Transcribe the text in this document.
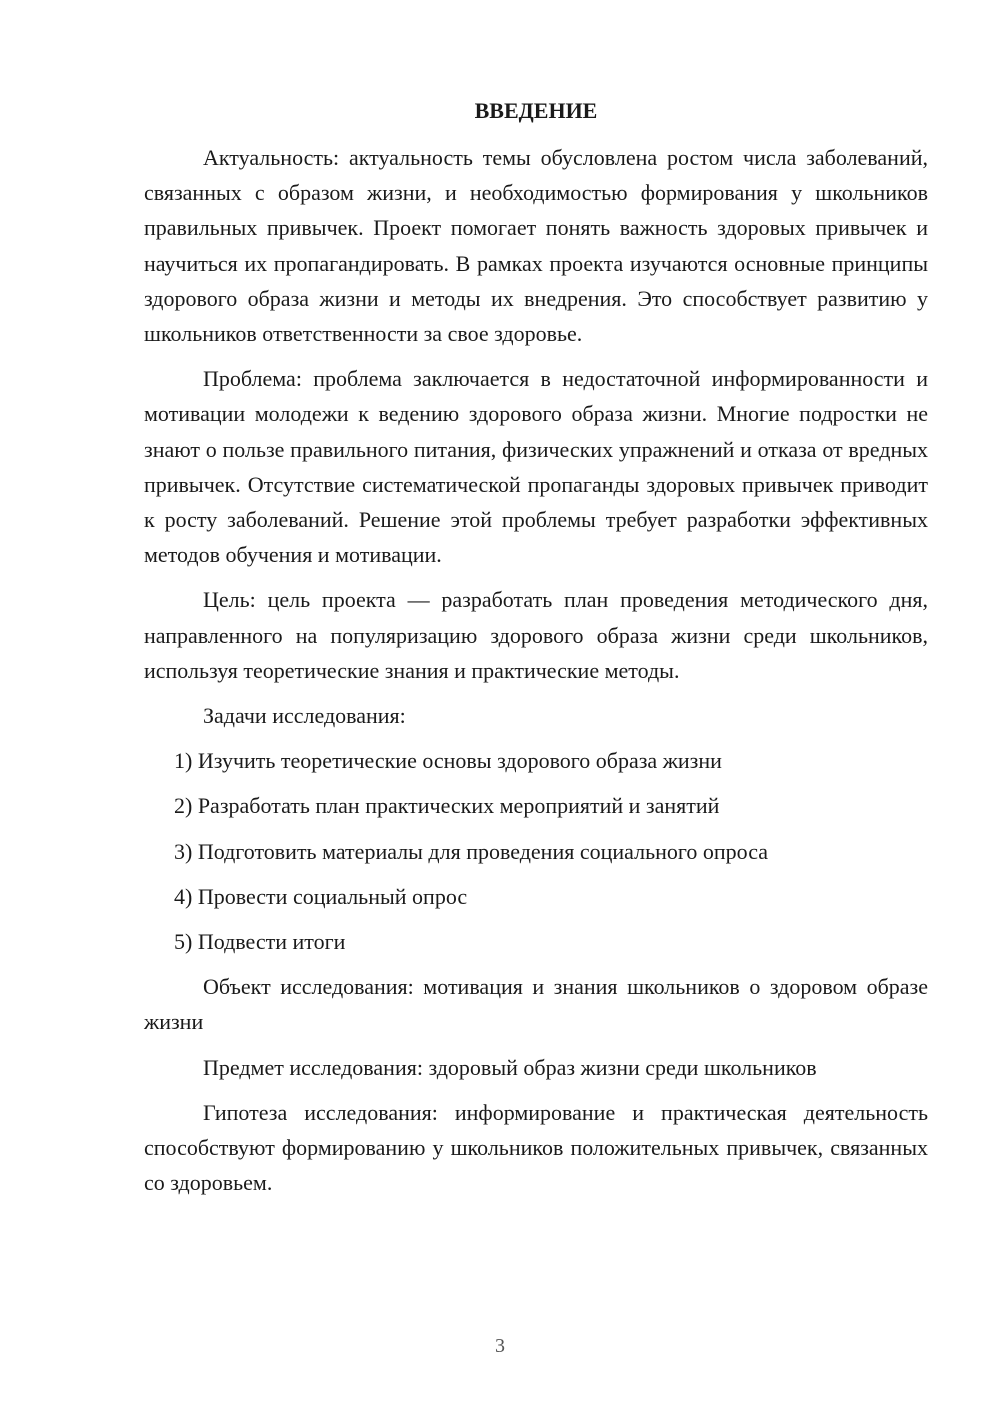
ВВЕДЕНИЕ

Актуальность: актуальность темы обусловлена ростом числа заболеваний, связанных с образом жизни, и необходимостью формирования у школьников правильных привычек. Проект помогает понять важность здоровых привычек и научиться их пропагандировать. В рамках проекта изучаются основные принципы здорового образа жизни и методы их внедрения. Это способствует развитию у школьников ответственности за свое здоровье.

Проблема: проблема заключается в недостаточной информированности и мотивации молодежи к ведению здорового образа жизни. Многие подростки не знают о пользе правильного питания, физических упражнений и отказа от вредных привычек. Отсутствие систематической пропаганды здоровых привычек приводит к росту заболеваний. Решение этой проблемы требует разработки эффективных методов обучения и мотивации.

Цель: цель проекта — разработать план проведения методического дня, направленного на популяризацию здорового образа жизни среди школьников, используя теоретические знания и практические методы.

Задачи исследования:

1) Изучить теоретические основы здорового образа жизни
2) Разработать план практических мероприятий и занятий
3) Подготовить материалы для проведения социального опроса
4) Провести социальный опрос
5) Подвести итоги

Объект исследования: мотивация и знания школьников о здоровом образе жизни

Предмет исследования: здоровый образ жизни среди школьников

Гипотеза исследования: информирование и практическая деятельность способствуют формированию у школьников положительных привычек, связанных со здоровьем.

3
